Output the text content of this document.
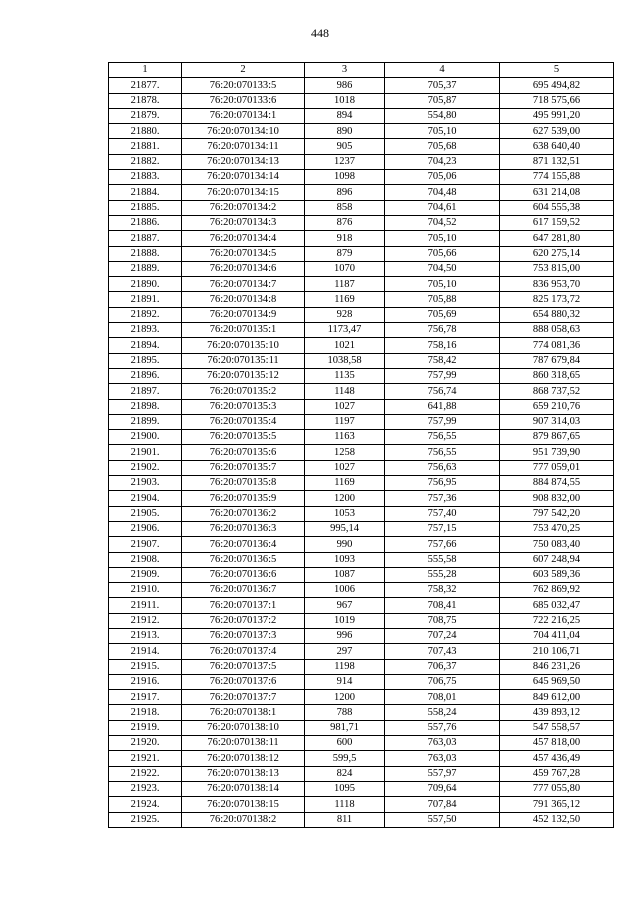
448
1	2	3	4	5
21877.	76:20:070133:5	986	705,37	695 494,82
21878.	76:20:070133:6	1018	705,87	718 575,66
21879.	76:20:070134:1	894	554,80	495 991,20
21880.	76:20:070134:10	890	705,10	627 539,00
21881.	76:20:070134:11	905	705,68	638 640,40
21882.	76:20:070134:13	1237	704,23	871 132,51
21883.	76:20:070134:14	1098	705,06	774 155,88
21884.	76:20:070134:15	896	704,48	631 214,08
21885.	76:20:070134:2	858	704,61	604 555,38
21886.	76:20:070134:3	876	704,52	617 159,52
21887.	76:20:070134:4	918	705,10	647 281,80
21888.	76:20:070134:5	879	705,66	620 275,14
21889.	76:20:070134:6	1070	704,50	753 815,00
21890.	76:20:070134:7	1187	705,10	836 953,70
21891.	76:20:070134:8	1169	705,88	825 173,72
21892.	76:20:070134:9	928	705,69	654 880,32
21893.	76:20:070135:1	1173,47	756,78	888 058,63
21894.	76:20:070135:10	1021	758,16	774 081,36
21895.	76:20:070135:11	1038,58	758,42	787 679,84
21896.	76:20:070135:12	1135	757,99	860 318,65
21897.	76:20:070135:2	1148	756,74	868 737,52
21898.	76:20:070135:3	1027	641,88	659 210,76
21899.	76:20:070135:4	1197	757,99	907 314,03
21900.	76:20:070135:5	1163	756,55	879 867,65
21901.	76:20:070135:6	1258	756,55	951 739,90
21902.	76:20:070135:7	1027	756,63	777 059,01
21903.	76:20:070135:8	1169	756,95	884 874,55
21904.	76:20:070135:9	1200	757,36	908 832,00
21905.	76:20:070136:2	1053	757,40	797 542,20
21906.	76:20:070136:3	995,14	757,15	753 470,25
21907.	76:20:070136:4	990	757,66	750 083,40
21908.	76:20:070136:5	1093	555,58	607 248,94
21909.	76:20:070136:6	1087	555,28	603 589,36
21910.	76:20:070136:7	1006	758,32	762 869,92
21911.	76:20:070137:1	967	708,41	685 032,47
21912.	76:20:070137:2	1019	708,75	722 216,25
21913.	76:20:070137:3	996	707,24	704 411,04
21914.	76:20:070137:4	297	707,43	210 106,71
21915.	76:20:070137:5	1198	706,37	846 231,26
21916.	76:20:070137:6	914	706,75	645 969,50
21917.	76:20:070137:7	1200	708,01	849 612,00
21918.	76:20:070138:1	788	558,24	439 893,12
21919.	76:20:070138:10	981,71	557,76	547 558,57
21920.	76:20:070138:11	600	763,03	457 818,00
21921.	76:20:070138:12	599,5	763,03	457 436,49
21922.	76:20:070138:13	824	557,97	459 767,28
21923.	76:20:070138:14	1095	709,64	777 055,80
21924.	76:20:070138:15	1118	707,84	791 365,12
21925.	76:20:070138:2	811	557,50	452 132,50
